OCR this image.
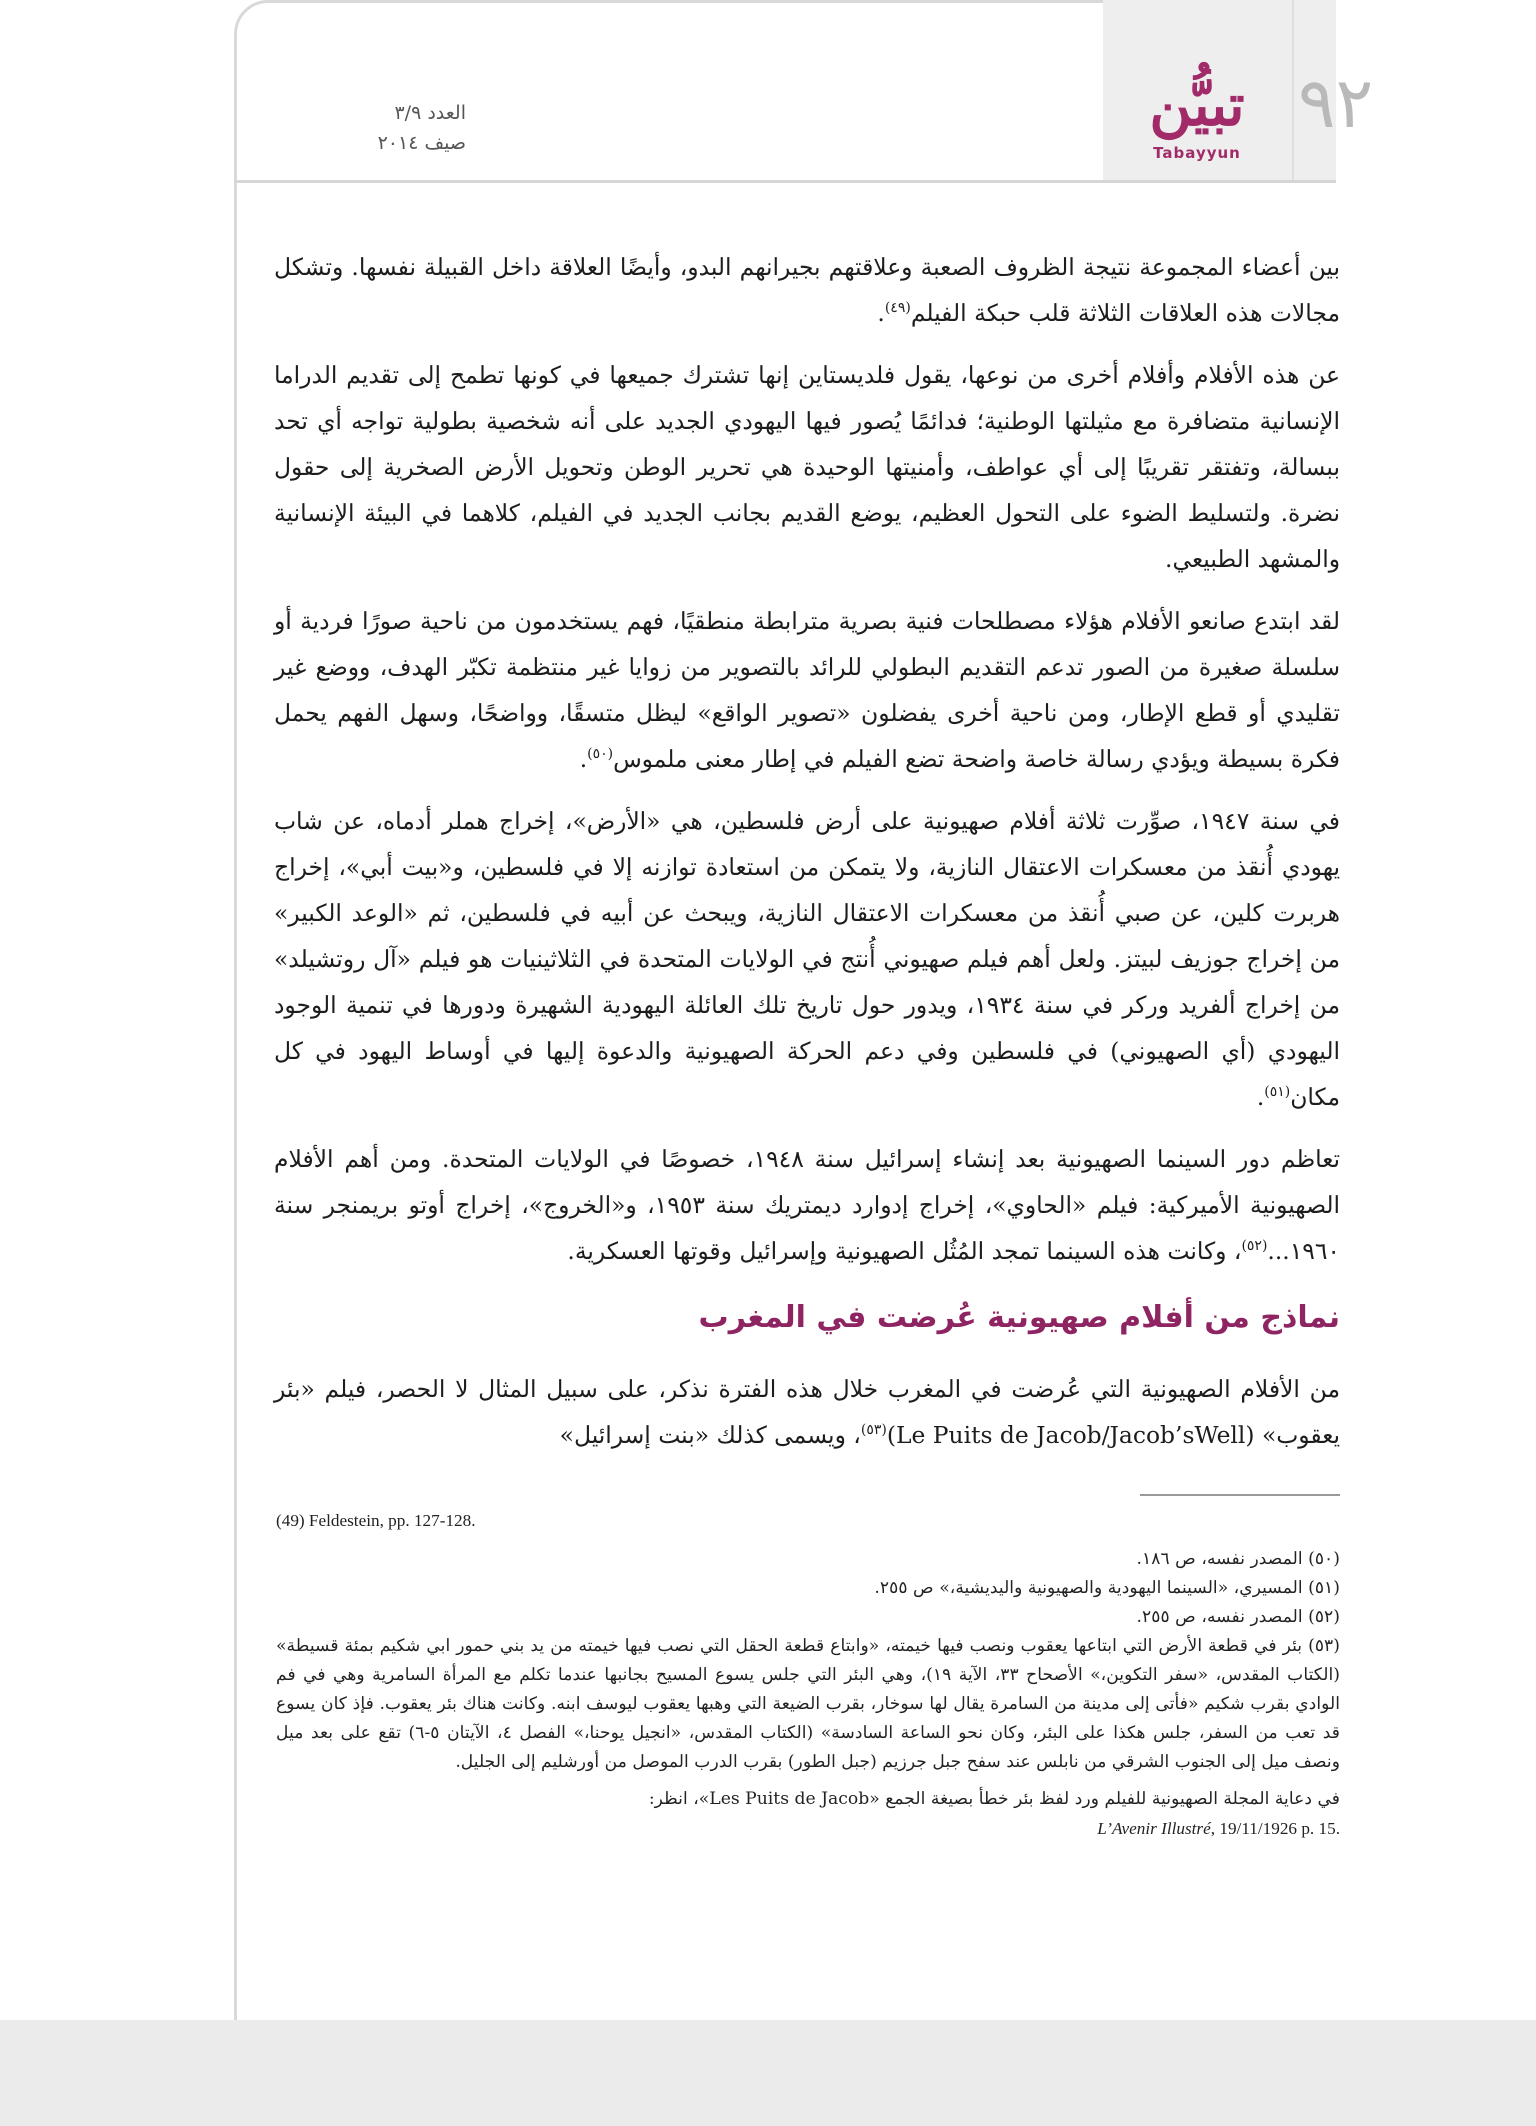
٩٢
تبيُّن
Tabayyun
العدد ٣/٩
صيف ٢٠١٤

بين أعضاء المجموعة نتيجة الظروف الصعبة وعلاقتهم بجيرانهم البدو، وأيضًا العلاقة داخل القبيلة نفسها. وتشكل مجالات هذه العلاقات الثلاثة قلب حبكة الفيلم$^{(٤٩)}$.

عن هذه الأفلام وأفلام أخرى من نوعها، يقول فلديستاين إنها تشترك جميعها في كونها تطمح إلى تقديم الدراما الإنسانية متضافرة مع مثيلتها الوطنية؛ فدائمًا يُصور فيها اليهودي الجديد على أنه شخصية بطولية تواجه أي تحد ببسالة، وتفتقر تقريبًا إلى أي عواطف، وأمنيتها الوحيدة هي تحرير الوطن وتحويل الأرض الصخرية إلى حقول نضرة. ولتسليط الضوء على التحول العظيم، يوضع القديم بجانب الجديد في الفيلم، كلاهما في البيئة الإنسانية والمشهد الطبيعي.

لقد ابتدع صانعو الأفلام هؤلاء مصطلحات فنية بصرية مترابطة منطقيًا، فهم يستخدمون من ناحية صورًا فردية أو سلسلة صغيرة من الصور تدعم التقديم البطولي للرائد بالتصوير من زوايا غير منتظمة تكبّر الهدف، ووضع غير تقليدي أو قطع الإطار، ومن ناحية أخرى يفضلون «تصوير الواقع» ليظل متسقًا، وواضحًا، وسهل الفهم يحمل فكرة بسيطة ويؤدي رسالة خاصة واضحة تضع الفيلم في إطار معنى ملموس$^{(٥٠)}$.

في سنة ١٩٤٧، صوِّرت ثلاثة أفلام صهيونية على أرض فلسطين، هي «الأرض»، إخراج هملر أدماه، عن شاب يهودي أُنقذ من معسكرات الاعتقال النازية، ولا يتمكن من استعادة توازنه إلا في فلسطين، و«بيت أبي»، إخراج هربرت كلين، عن صبي أُنقذ من معسكرات الاعتقال النازية، ويبحث عن أبيه في فلسطين، ثم «الوعد الكبير» من إخراج جوزيف لبيتز. ولعل أهم فيلم صهيوني أُنتج في الولايات المتحدة في الثلاثينيات هو فيلم «آل روتشيلد» من إخراج ألفريد وركر في سنة ١٩٣٤، ويدور حول تاريخ تلك العائلة اليهودية الشهيرة ودورها في تنمية الوجود اليهودي (أي الصهيوني) في فلسطين وفي دعم الحركة الصهيونية والدعوة إليها في أوساط اليهود في كل مكان$^{(٥١)}$.

تعاظم دور السينما الصهيونية بعد إنشاء إسرائيل سنة ١٩٤٨، خصوصًا في الولايات المتحدة. ومن أهم الأفلام الصهيونية الأميركية: فيلم «الحاوي»، إخراج إدوارد ديمتريك سنة ١٩٥٣، و«الخروج»، إخراج أوتو بريمنجر سنة ١٩٦٠...$^{(٥٢)}$، وكانت هذه السينما تمجد المُثُل الصهيونية وإسرائيل وقوتها العسكرية.

نماذج من أفلام صهيونية عُرضت في المغرب

من الأفلام الصهيونية التي عُرضت في المغرب خلال هذه الفترة نذكر، على سبيل المثال لا الحصر، فيلم «بئر يعقوب» (Le Puits de Jacob/Jacob’sWell)$^{(٥٣)}$، ويسمى كذلك «بنت إسرائيل»

(49) Feldestein, pp. 127-128.

(٥٠) المصدر نفسه، ص ١٨٦.

(٥١) المسيري، «السينما اليهودية والصهيونية واليديشية،» ص ٢٥٥.

(٥٢) المصدر نفسه، ص ٢٥٥.

(٥٣) بئر في قطعة الأرض التي ابتاعها يعقوب ونصب فيها خيمته، «وابتاع قطعة الحقل التي نصب فيها خيمته من يد بني حمور ابي شكيم بمئة قسيطة» (الكتاب المقدس، «سفر التكوين،» الأصحاح ٣٣، الآية ١٩)، وهي البئر التي جلس يسوع المسيح بجانبها عندما تكلم مع المرأة السامرية وهي في فم الوادي بقرب شكيم «فأتى إلى مدينة من السامرة يقال لها سوخار، بقرب الضيعة التي وهبها يعقوب ليوسف ابنه. وكانت هناك بئر يعقوب. فإذ كان يسوع قد تعب من السفر، جلس هكذا على البئر، وكان نحو الساعة السادسة» (الكتاب المقدس، «انجيل يوحنا،» الفصل ٤، الآيتان ٥-٦) تقع على بعد ميل ونصف ميل إلى الجنوب الشرقي من نابلس عند سفح جبل جرزيم (جبل الطور) بقرب الدرب الموصل من أورشليم إلى الجليل.

في دعاية المجلة الصهيونية للفيلم ورد لفظ بئر خطأ بصيغة الجمع «Les Puits de Jacob»، انظر:

L’Avenir Illustré, 19/11/1926 p. 15.
